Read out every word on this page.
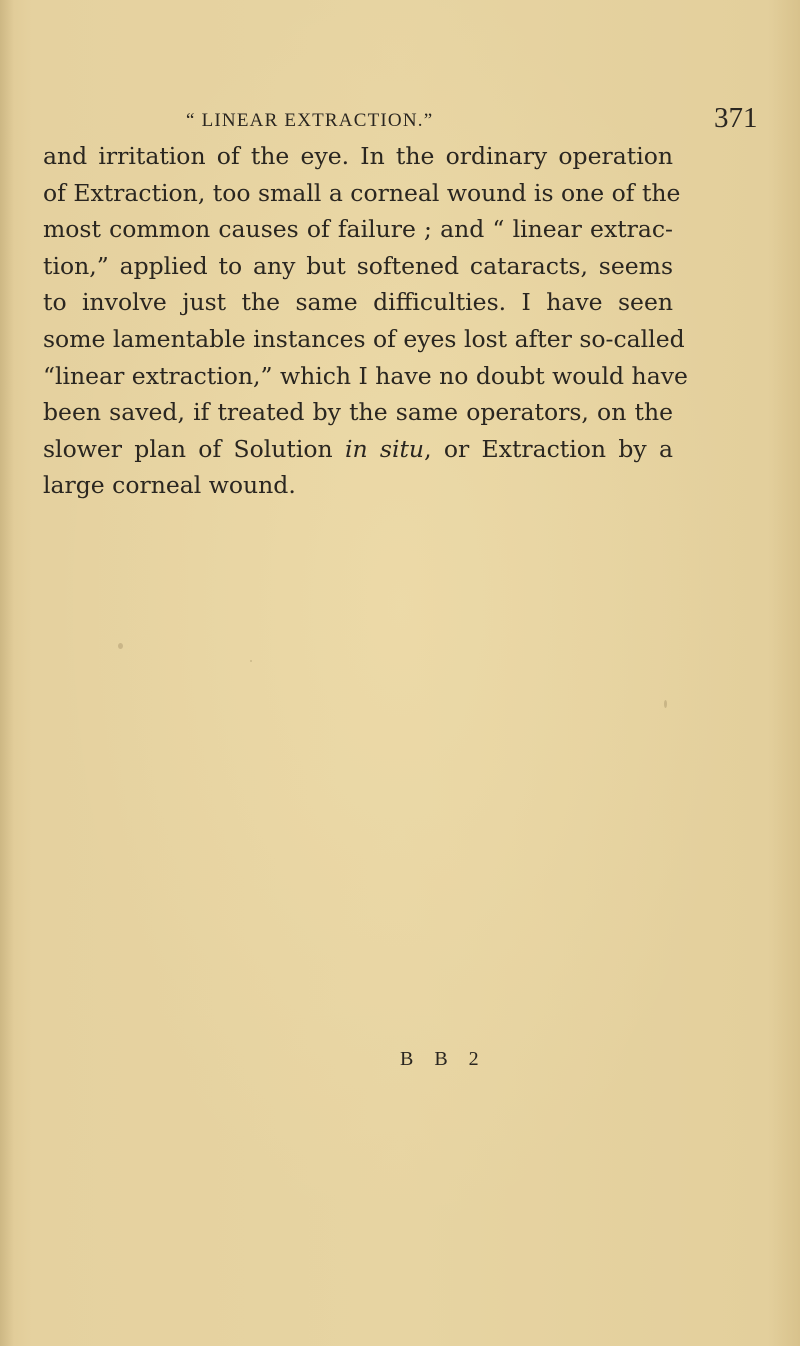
“ LINEAR EXTRACTION.”	371
and irritation of the eye. In the ordinary operation
of Extraction, too small a corneal wound is one of the
most common causes of failure ; and “ linear extrac-
tion,” applied to any but softened cataracts, seems
to involve just the same difficulties. I have seen
some lamentable instances of eyes lost after so-called
“linear extraction,” which I have no doubt would have
been saved, if treated by the same operators, on the
slower plan of Solution in situ, or Extraction by a
large corneal wound.
B B 2
